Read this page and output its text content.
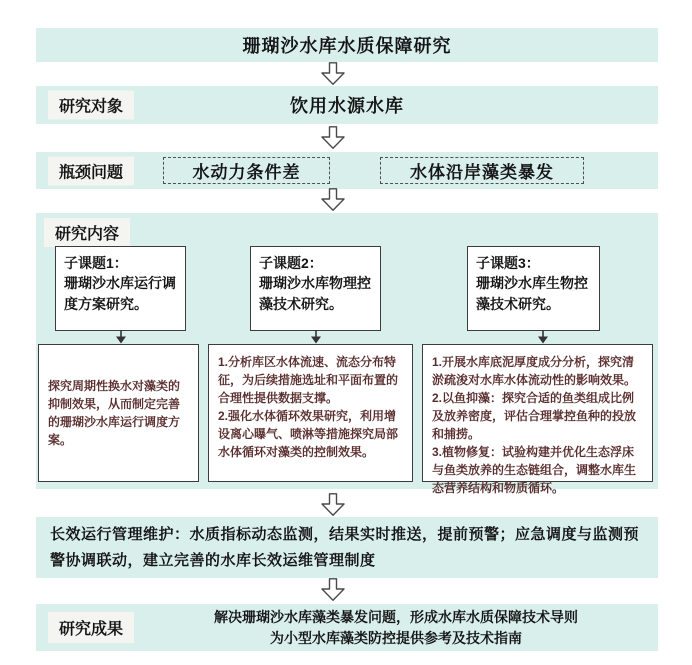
珊瑚沙水库水质保障研究
饮用水源水库
研究对象
瓶颈问题	水动力条件差	水体沿岸藻类暴发
研究内容
子课题1：
珊瑚沙水库运行调度方案研究。
子课题2：
珊瑚沙水库物理控藻技术研究。
子课题3：
珊瑚沙水库生物控藻技术研究。

探究周期性换水对藻类的抑制效果，从而制定完善的珊瑚沙水库运行调度方案。

1.分析库区水体流速、流态分布特征，为后续措施选址和平面布置的合理性提供数据支撑。

2.强化水体循环效果研究，利用增设离心曝气、喷淋等措施探究局部水体循环对藻类的控制效果。

1.开展水库底泥厚度成分分析，探究清淤疏浚对水库水体流动性的影响效果。

2.以鱼抑藻：探究合适的鱼类组成比例及放养密度，评估合理掌控鱼种的投放和捕捞。

3.植物修复：试验构建并优化生态浮床与鱼类放养的生态链组合，调整水库生态营养结构和物质循环。

长效运行管理维护：水质指标动态监测，结果实时推送，提前预警；应急调度与监测预警协调联动，建立完善的水库长效运维管理制度
研究成果
解决珊瑚沙水库藻类暴发问题，形成水库水质保障技术导则
为小型水库藻类防控提供参考及技术指南
